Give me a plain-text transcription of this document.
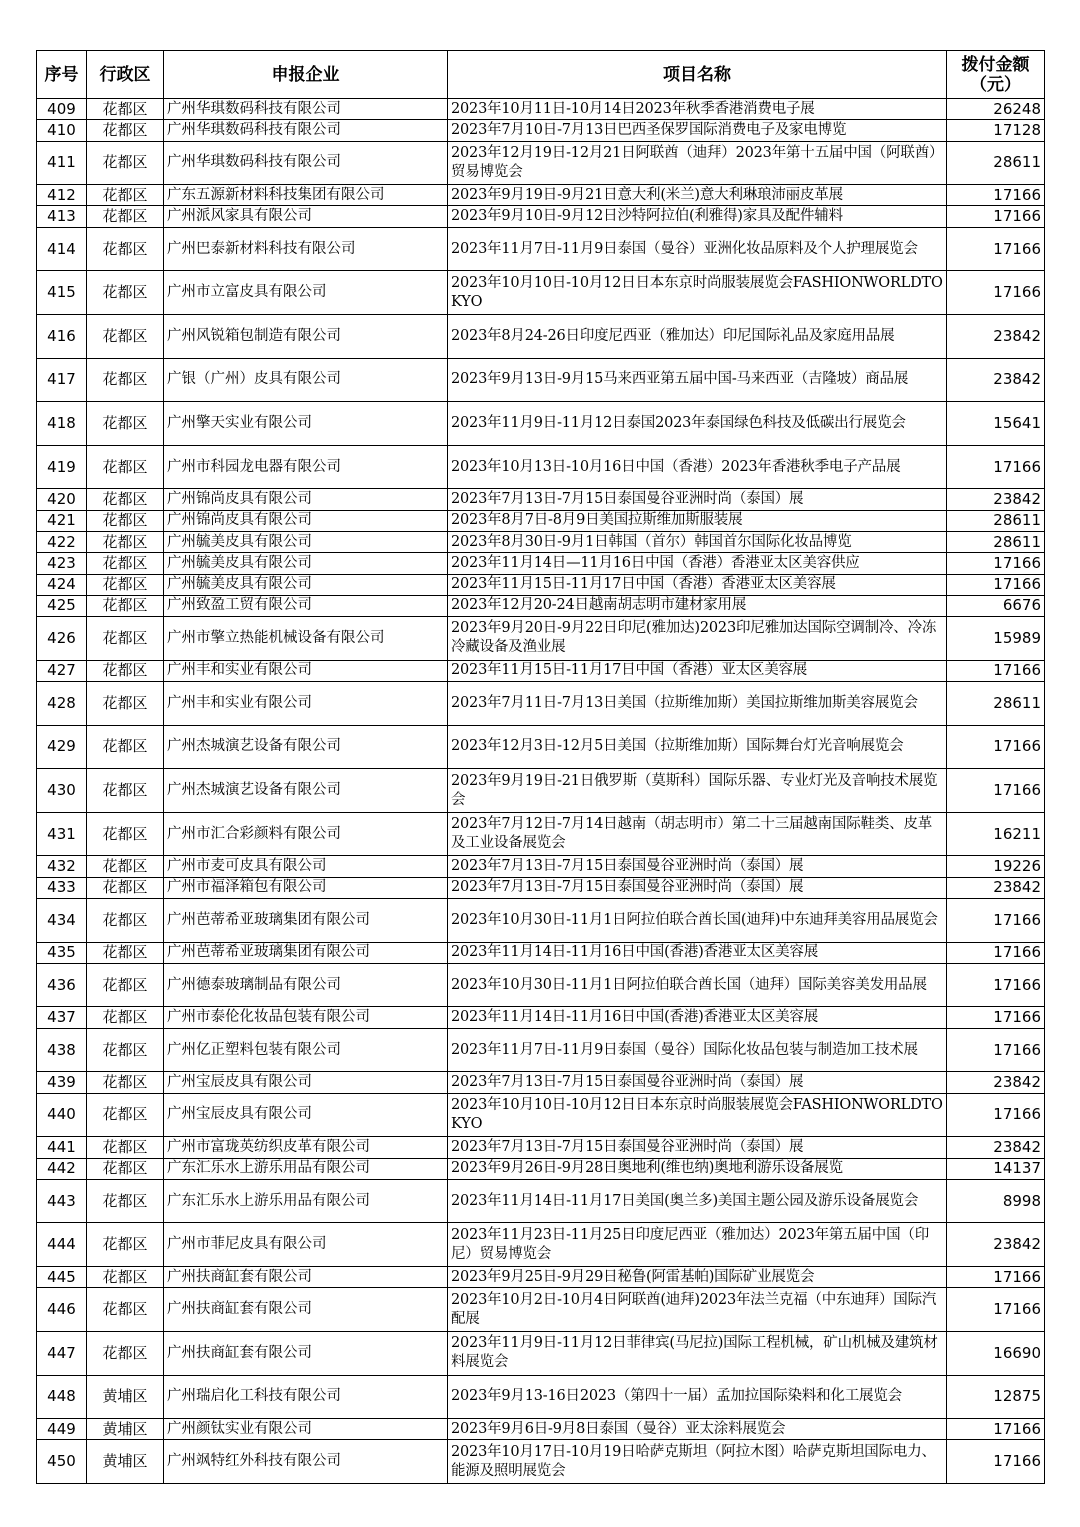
序号	行政区	申报企业	项目名称	拨付金额（元）
409	花都区	广州华琪数码科技有限公司	2023年10月11日-10月14日2023年秋季香港消费电子展	26248
410	花都区	广州华琪数码科技有限公司	2023年7月10日-7月13日巴西圣保罗国际消费电子及家电博览	17128
411	花都区	广州华琪数码科技有限公司	2023年12月19日-12月21日阿联酋（迪拜）2023年第十五届中国（阿联酋）贸易博览会	28611
412	花都区	广东五源新材料科技集团有限公司	2023年9月19日-9月21日意大利(米兰)意大利琳琅沛丽皮革展	17166
413	花都区	广州派风家具有限公司	2023年9月10日-9月12日沙特阿拉伯(利雅得)家具及配件辅料	17166
414	花都区	广州巴泰新材料科技有限公司	2023年11月7日-11月9日泰国（曼谷）亚洲化妆品原料及个人护理展览会	17166
415	花都区	广州市立富皮具有限公司	2023年10月10日-10月12日日本东京时尚服装展览会FASHIONWORLDTOKYO	17166
416	花都区	广州风锐箱包制造有限公司	2023年8月24-26日印度尼西亚（雅加达）印尼国际礼品及家庭用品展	23842
417	花都区	广银（广州）皮具有限公司	2023年9月13日-9月15马来西亚第五届中国-马来西亚（吉隆坡）商品展	23842
418	花都区	广州擎天实业有限公司	2023年11月9日-11月12日泰国2023年泰国绿色科技及低碳出行展览会	15641
419	花都区	广州市科园龙电器有限公司	2023年10月13日-10月16日中国（香港）2023年香港秋季电子产品展	17166
420	花都区	广州锦尚皮具有限公司	2023年7月13日-7月15日泰国曼谷亚洲时尚（泰国）展	23842
421	花都区	广州锦尚皮具有限公司	2023年8月7日-8月9日美国拉斯维加斯服装展	28611
422	花都区	广州毓美皮具有限公司	2023年8月30日-9月1日韩国（首尔）韩国首尔国际化妆品博览	28611
423	花都区	广州毓美皮具有限公司	2023年11月14日—11月16日中国（香港）香港亚太区美容供应	17166
424	花都区	广州毓美皮具有限公司	2023年11月15日-11月17日中国（香港）香港亚太区美容展	17166
425	花都区	广州致盈工贸有限公司	2023年12月20-24日越南胡志明市建材家用展	6676
426	花都区	广州市擎立热能机械设备有限公司	2023年9月20日-9月22日印尼(雅加达)2023印尼雅加达国际空调制冷、冷冻冷藏设备及渔业展	15989
427	花都区	广州丰和实业有限公司	2023年11月15日-11月17日中国（香港）亚太区美容展	17166
428	花都区	广州丰和实业有限公司	2023年7月11日-7月13日美国（拉斯维加斯）美国拉斯维加斯美容展览会	28611
429	花都区	广州杰城演艺设备有限公司	2023年12月3日-12月5日美国（拉斯维加斯）国际舞台灯光音响展览会	17166
430	花都区	广州杰城演艺设备有限公司	2023年9月19日-21日俄罗斯（莫斯科）国际乐器、专业灯光及音响技术展览会	17166
431	花都区	广州市汇合彩颜料有限公司	2023年7月12日-7月14日越南（胡志明市）第二十三届越南国际鞋类、皮革及工业设备展览会	16211
432	花都区	广州市麦可皮具有限公司	2023年7月13日-7月15日泰国曼谷亚洲时尚（泰国）展	19226
433	花都区	广州市福泽箱包有限公司	2023年7月13日-7月15日泰国曼谷亚洲时尚（泰国）展	23842
434	花都区	广州芭蒂希亚玻璃集团有限公司	2023年10月30日-11月1日阿拉伯联合酋长国(迪拜)中东迪拜美容用品展览会	17166
435	花都区	广州芭蒂希亚玻璃集团有限公司	2023年11月14日-11月16日中国(香港)香港亚太区美容展	17166
436	花都区	广州德泰玻璃制品有限公司	2023年10月30日-11月1日阿拉伯联合酋长国（迪拜）国际美容美发用品展	17166
437	花都区	广州市泰伦化妆品包装有限公司	2023年11月14日-11月16日中国(香港)香港亚太区美容展	17166
438	花都区	广州亿正塑料包装有限公司	2023年11月7日-11月9日泰国（曼谷）国际化妆品包装与制造加工技术展	17166
439	花都区	广州宝辰皮具有限公司	2023年7月13日-7月15日泰国曼谷亚洲时尚（泰国）展	23842
440	花都区	广州宝辰皮具有限公司	2023年10月10日-10月12日日本东京时尚服装展览会FASHIONWORLDTOKYO	17166
441	花都区	广州市富珑英纺织皮革有限公司	2023年7月13日-7月15日泰国曼谷亚洲时尚（泰国）展	23842
442	花都区	广东汇乐水上游乐用品有限公司	2023年9月26日-9月28日奥地利(维也纳)奥地利游乐设备展览	14137
443	花都区	广东汇乐水上游乐用品有限公司	2023年11月14日-11月17日美国(奥兰多)美国主题公园及游乐设备展览会	8998
444	花都区	广州市菲尼皮具有限公司	2023年11月23日-11月25日印度尼西亚（雅加达）2023年第五届中国（印尼）贸易博览会	23842
445	花都区	广州扶商缸套有限公司	2023年9月25日-9月29日秘鲁(阿雷基帕)国际矿业展览会	17166
446	花都区	广州扶商缸套有限公司	2023年10月2日-10月4日阿联酋(迪拜)2023年法兰克福（中东迪拜）国际汽配展	17166
447	花都区	广州扶商缸套有限公司	2023年11月9日-11月12日菲律宾(马尼拉)国际工程机械，矿山机械及建筑材料展览会	16690
448	黄埔区	广州瑞启化工科技有限公司	2023年9月13-16日2023（第四十一届）孟加拉国际染料和化工展览会	12875
449	黄埔区	广州颜钛实业有限公司	2023年9月6日-9月8日泰国（曼谷）亚太涂料展览会	17166
450	黄埔区	广州飒特红外科技有限公司	2023年10月17日-10月19日哈萨克斯坦（阿拉木图）哈萨克斯坦国际电力、能源及照明展览会	17166
